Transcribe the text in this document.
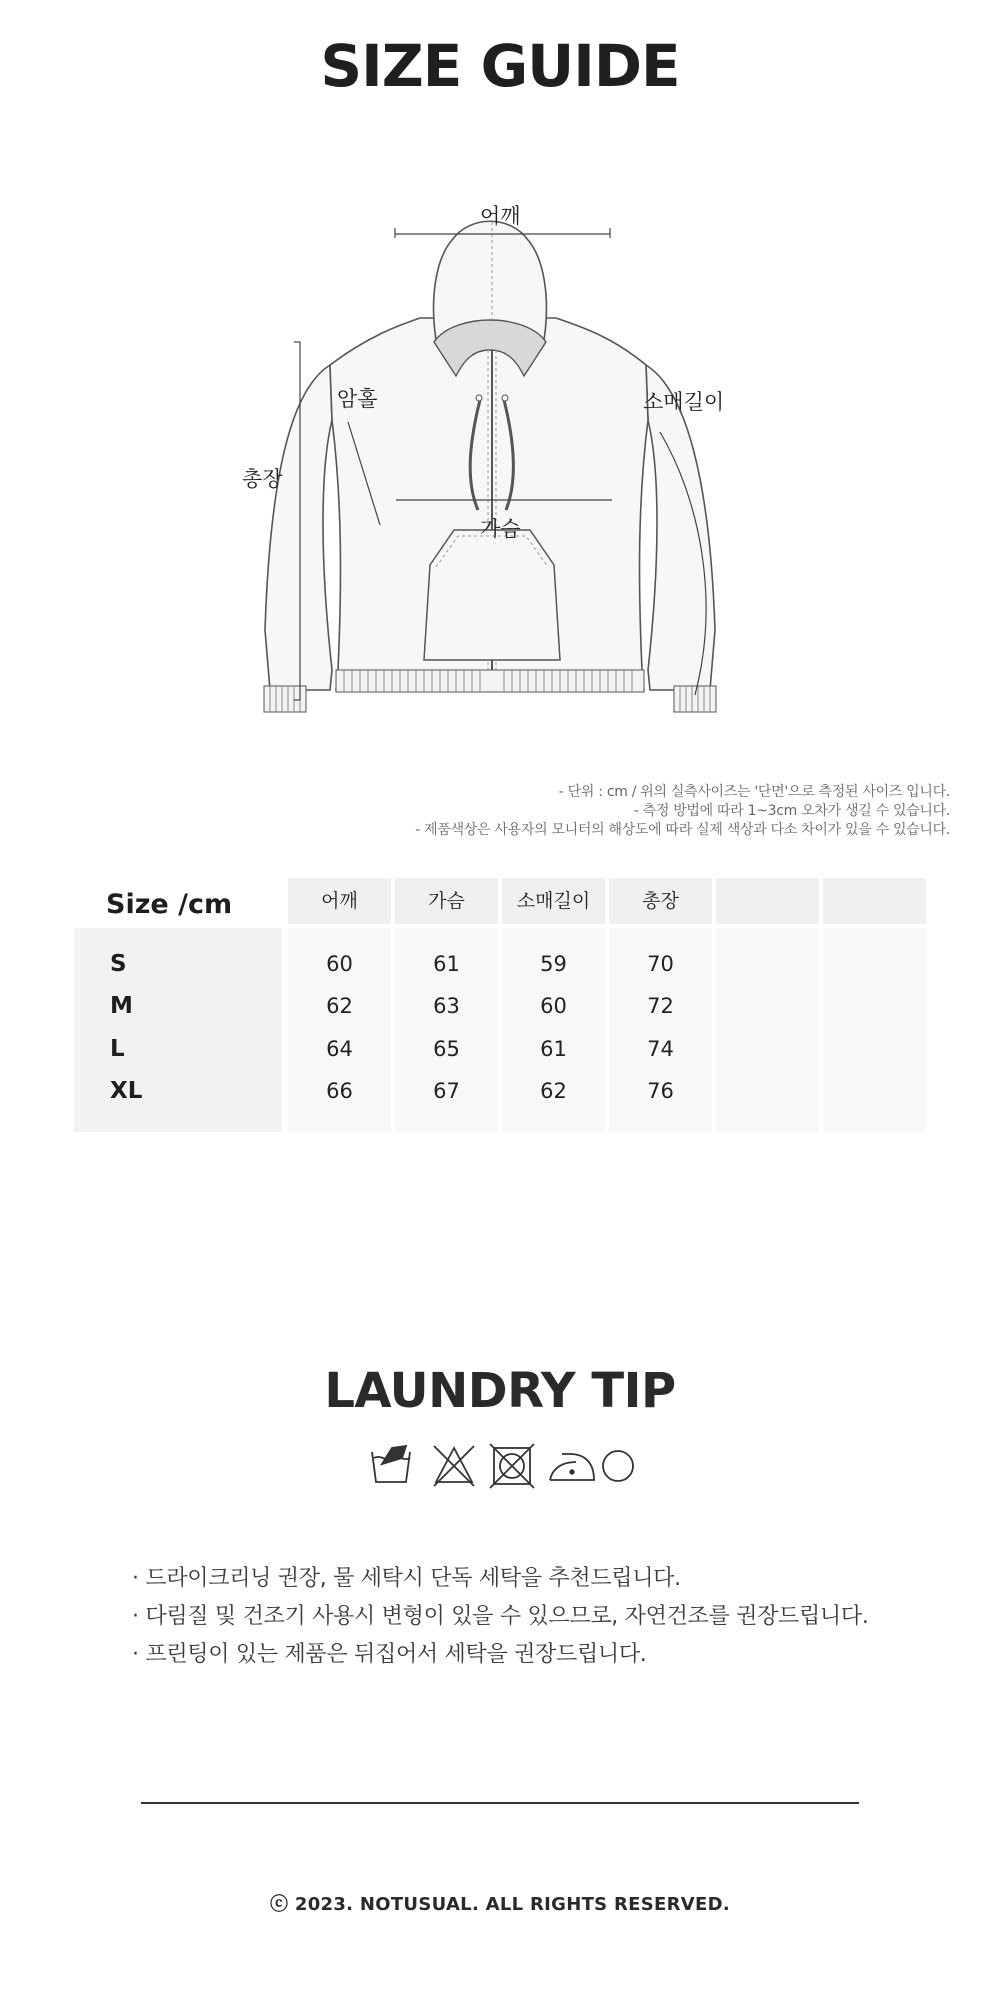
SIZE GUIDE
어깨
암홀	소매길이
총장
가슴
- 단위 : cm / 위의 실측사이즈는 '단면'으로 측정된 사이즈 입니다.
- 측정 방법에 따라 1~3cm 오차가 생길 수 있습니다.
- 제품색상은 사용자의 모니터의 해상도에 따라 실제 색상과 다소 차이가 있을 수 있습니다.
Size /cm	어깨	가슴	소매길이	총장
S	60	61	59	70
M	62	63	60	72
L	64	65	61	74
XL	66	67	62	76
LAUNDRY TIP
· 드라이크리닝 권장, 물 세탁시 단독 세탁을 추천드립니다.
· 다림질 및 건조기 사용시 변형이 있을 수 있으므로, 자연건조를 권장드립니다.
· 프린팅이 있는 제품은 뒤집어서 세탁을 권장드립니다.
ⓒ 2023. NOTUSUAL. ALL RIGHTS RESERVED.
